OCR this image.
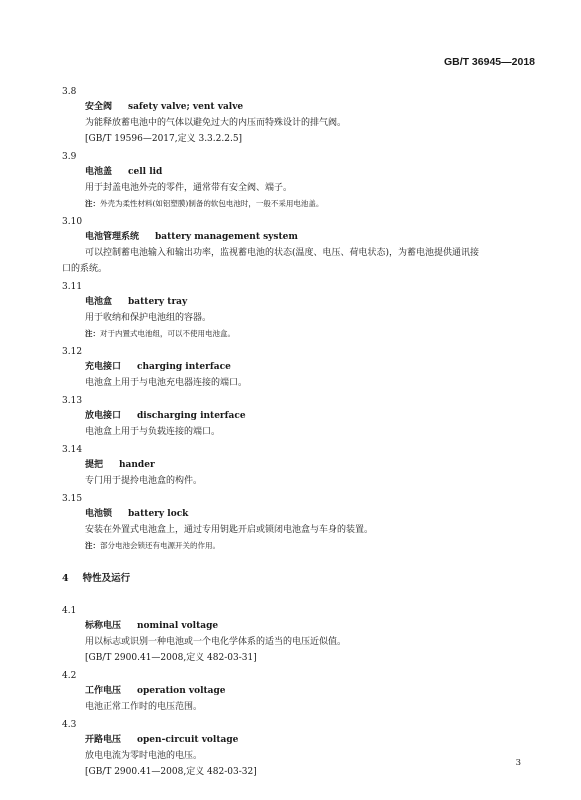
GB/T 36945—2018
3.8
安全阀 safety valve; vent valve
为能释放蓄电池中的气体以避免过大的内压而特殊设计的排气阀。
[GB/T 19596—2017,定义 3.3.2.2.5]
3.9
电池盖 cell lid
用于封盖电池外壳的零件，通常带有安全阀、端子。
注：外壳为柔性材料(如铝塑膜)制备的软包电池时，一般不采用电池盖。
3.10
电池管理系统 battery management system
可以控制蓄电池输入和输出功率，监视蓄电池的状态(温度、电压、荷电状态)，为蓄电池提供通讯接
口的系统。
3.11
电池盒 battery tray
用于收纳和保护电池组的容器。
注：对于内置式电池组，可以不使用电池盒。
3.12
充电接口 charging interface
电池盒上用于与电池充电器连接的端口。
3.13
放电接口 discharging interface
电池盒上用于与负载连接的端口。
3.14
提把 hander
专门用于提拎电池盒的构件。
3.15
电池锁 battery lock
安装在外置式电池盒上，通过专用钥匙开启或锁闭电池盒与车身的装置。
注：部分电池会锁还有电源开关的作用。
4 特性及运行
4.1
标称电压 nominal voltage
用以标志或识别一种电池或一个电化学体系的适当的电压近似值。
[GB/T 2900.41—2008,定义 482-03-31]
4.2
工作电压 operation voltage
电池正常工作时的电压范围。
4.3
开路电压 open-circuit voltage
放电电流为零时电池的电压。
[GB/T 2900.41—2008,定义 482-03-32]
3
